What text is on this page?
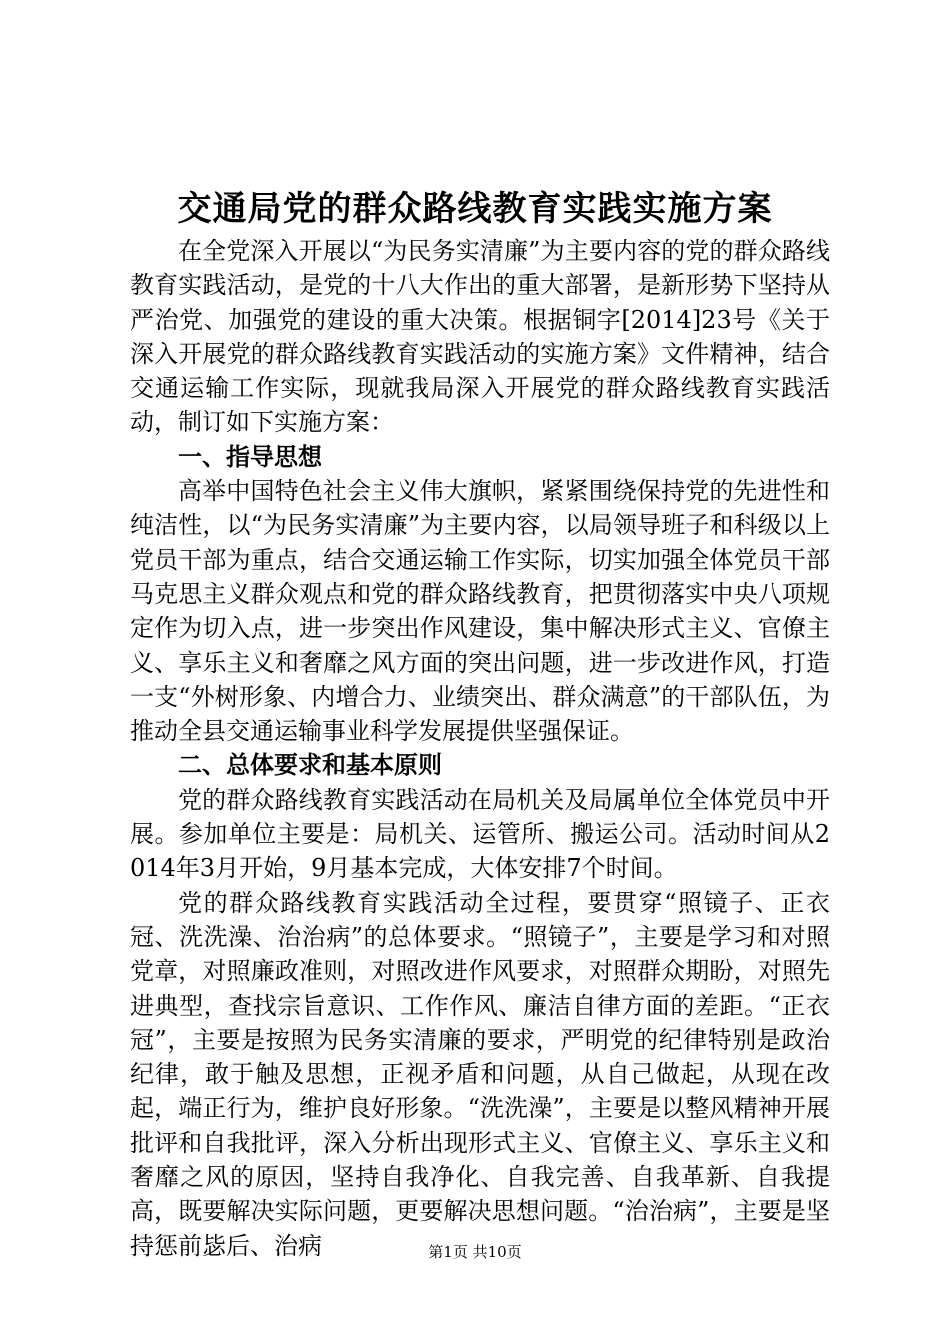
交通局党的群众路线教育实践实施方案

在全党深入开展以“为民务实清廉”为主要内容的党的群众路线教育实践活动，是党的十八大作出的重大部署，是新形势下坚持从严治党、加强党的建设的重大决策。根据铜字[2014]23号《关于深入开展党的群众路线教育实践活动的实施方案》文件精神，结合交通运输工作实际，现就我局深入开展党的群众路线教育实践活动，制订如下实施方案：

一、指导思想

高举中国特色社会主义伟大旗帜，紧紧围绕保持党的先进性和纯洁性，以“为民务实清廉”为主要内容，以局领导班子和科级以上党员干部为重点，结合交通运输工作实际，切实加强全体党员干部马克思主义群众观点和党的群众路线教育，把贯彻落实中央八项规定作为切入点，进一步突出作风建设，集中解决形式主义、官僚主义、享乐主义和奢靡之风方面的突出问题，进一步改进作风，打造一支“外树形象、内增合力、业绩突出、群众满意”的干部队伍，为推动全县交通运输事业科学发展提供坚强保证。

二、总体要求和基本原则

党的群众路线教育实践活动在局机关及局属单位全体党员中开展。参加单位主要是：局机关、运管所、搬运公司。活动时间从2014年3月开始，9月基本完成，大体安排7个时间。

党的群众路线教育实践活动全过程，要贯穿“照镜子、正衣冠、洗洗澡、治治病”的总体要求。“照镜子”，主要是学习和对照党章，对照廉政准则，对照改进作风要求，对照群众期盼，对照先进典型，查找宗旨意识、工作作风、廉洁自律方面的差距。“正衣冠”，主要是按照为民务实清廉的要求，严明党的纪律特别是政治纪律，敢于触及思想，正视矛盾和问题，从自己做起，从现在改起，端正行为，维护良好形象。“洗洗澡”，主要是以整风精神开展批评和自我批评，深入分析出现形式主义、官僚主义、享乐主义和奢靡之风的原因，坚持自我净化、自我完善、自我革新、自我提高，既要解决实际问题，更要解决思想问题。“治治病”，主要是坚持惩前毖后、治病	第1页 共10页
